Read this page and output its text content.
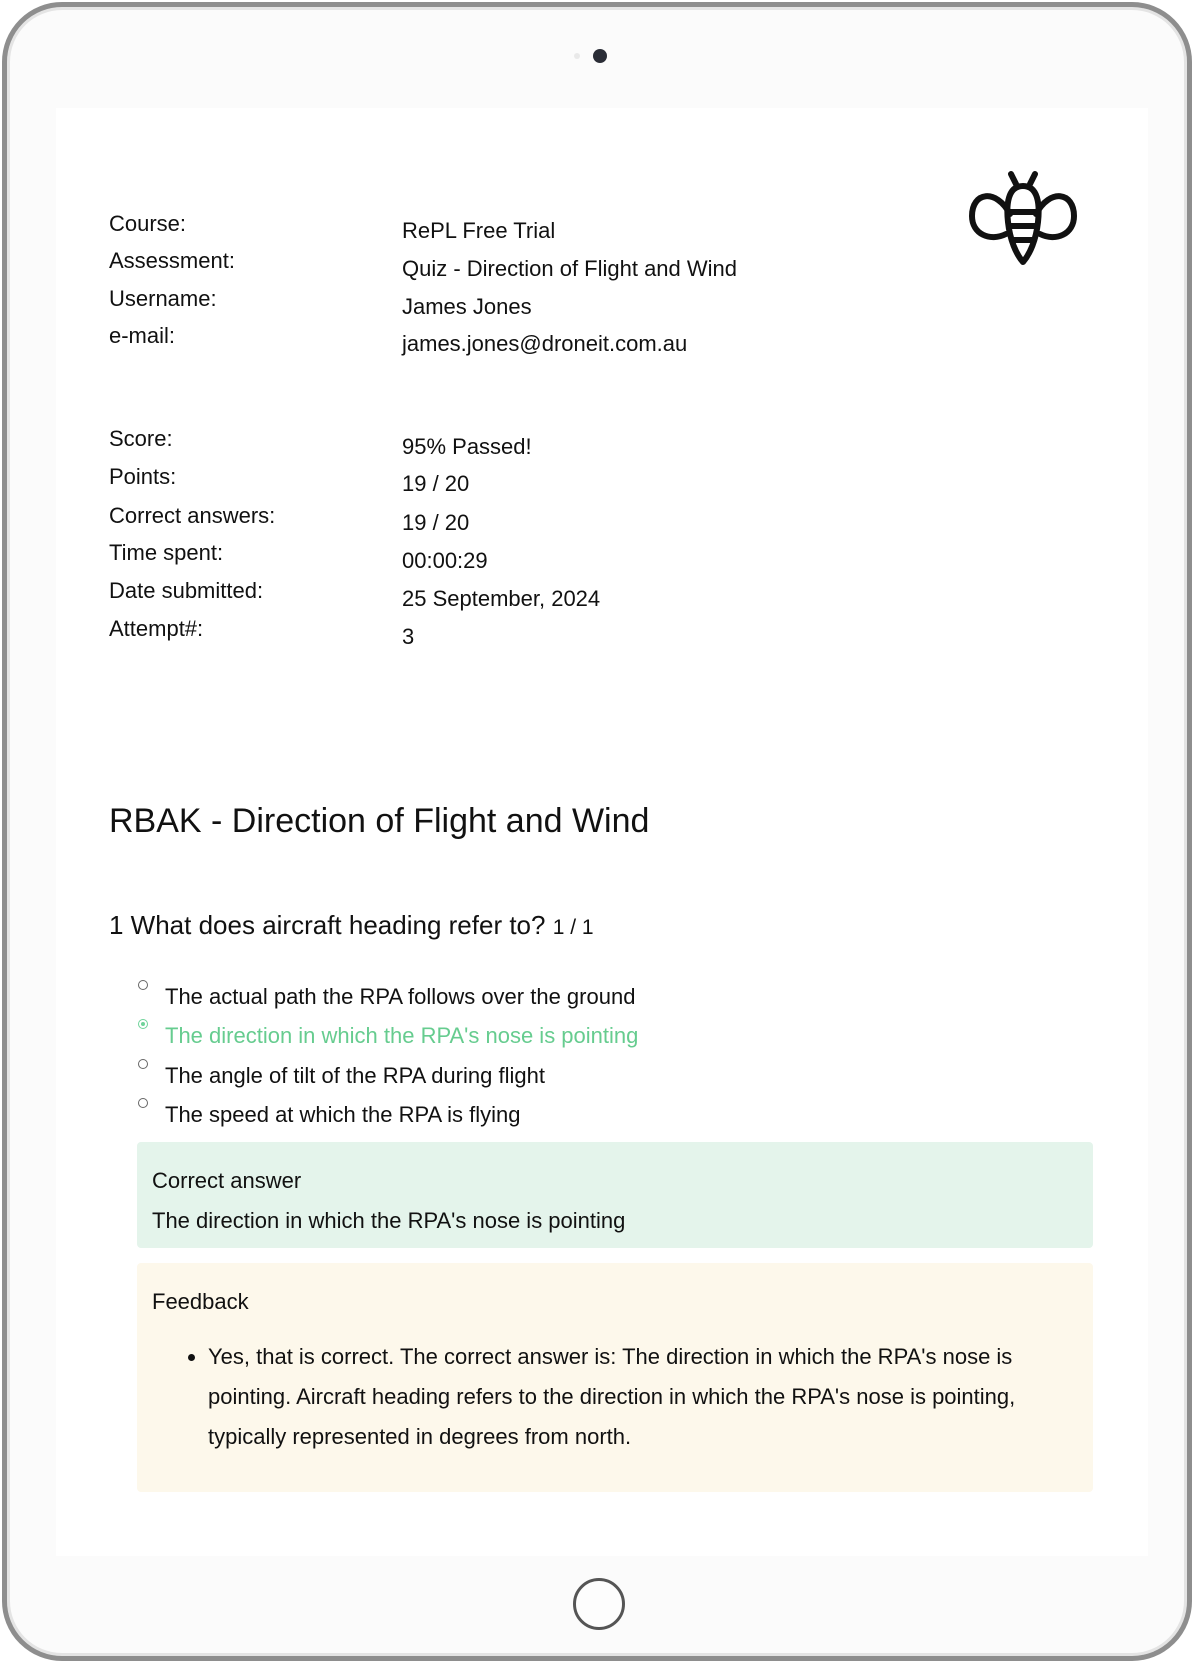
Course:	RePL Free Trial
Assessment:	Quiz - Direction of Flight and Wind
Username:	James Jones
e-mail:	james.jones@droneit.com.au
Score:	95% Passed!
Points:	19 / 20
Correct answers:	19 / 20
Time spent:	00:00:29
Date submitted:	25 September, 2024
Attempt#:	3
RBAK - Direction of Flight and Wind
1 What does aircraft heading refer to? 1 / 1
The actual path the RPA follows over the ground
The direction in which the RPA's nose is pointing
The angle of tilt of the RPA during flight
The speed at which the RPA is flying
Correct answer
The direction in which the RPA's nose is pointing
Feedback
• Yes, that is correct. The correct answer is: The direction in which the RPA's nose is pointing. Aircraft heading refers to the direction in which the RPA's nose is pointing, typically represented in degrees from north.
